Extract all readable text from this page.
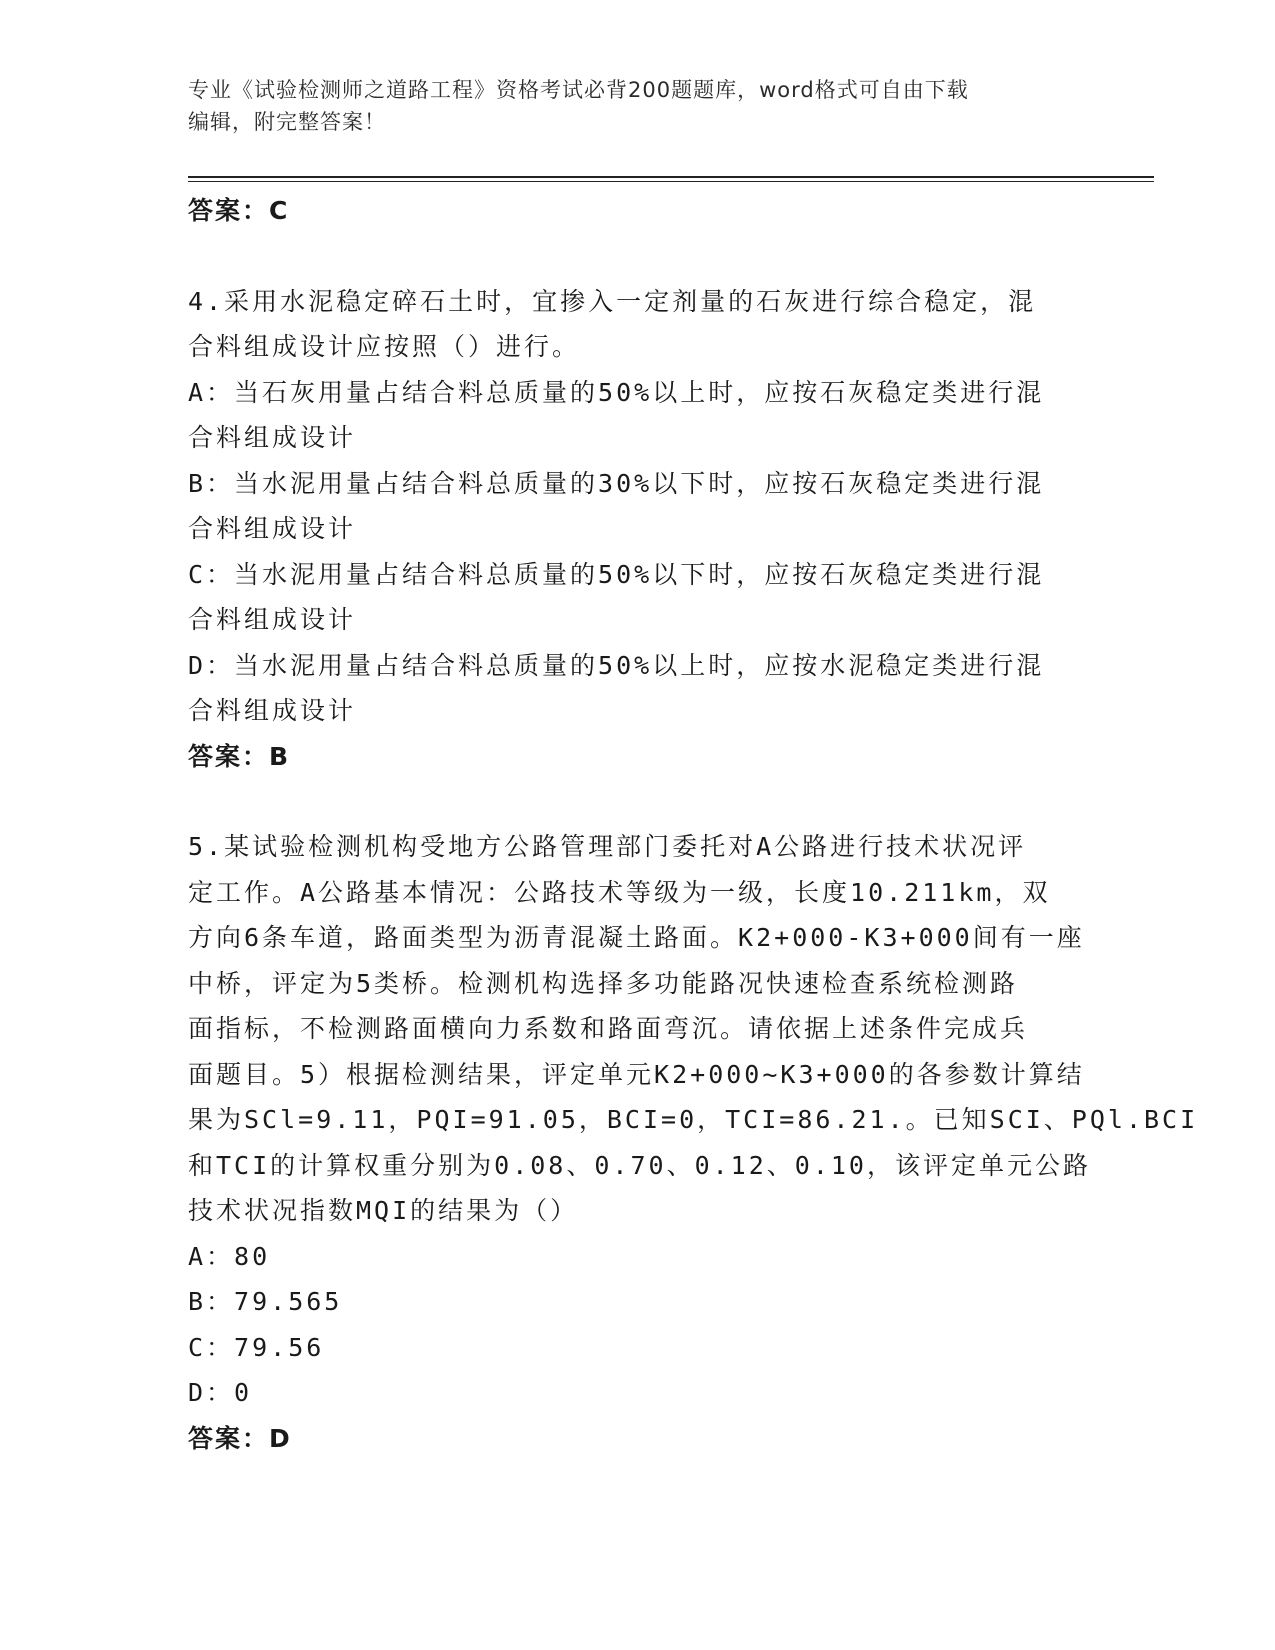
专业《试验检测师之道路工程》资格考试必背200题题库，word格式可自由下载
编辑，附完整答案！
答案：C
4.采用水泥稳定碎石土时，宜掺入一定剂量的石灰进行综合稳定，混
合料组成设计应按照（）进行。
A：当石灰用量占结合料总质量的50%以上时，应按石灰稳定类进行混
合料组成设计
B：当水泥用量占结合料总质量的30%以下时，应按石灰稳定类进行混
合料组成设计
C：当水泥用量占结合料总质量的50%以下时，应按石灰稳定类进行混
合料组成设计
D：当水泥用量占结合料总质量的50%以上时，应按水泥稳定类进行混
合料组成设计
答案：B
5.某试验检测机构受地方公路管理部门委托对A公路进行技术状况评
定工作。A公路基本情况：公路技术等级为一级，长度10.211km，双
方向6条车道，路面类型为沥青混凝土路面。K2+000-K3+000间有一座
中桥，评定为5类桥。检测机构选择多功能路况快速检查系统检测路
面指标，不检测路面横向力系数和路面弯沉。请依据上述条件完成兵
面题目。5）根据检测结果，评定单元K2+000~K3+000的各参数计算结
果为SCl=9.11，PQI=91.05，BCI=0，TCI=86.21.。已知SCI、PQl.BCI
和TCI的计算权重分别为0.08、0.70、0.12、0.10，该评定单元公路
技术状况指数MQI的结果为（）
A：80
B：79.565
C：79.56
D：0
答案：D
